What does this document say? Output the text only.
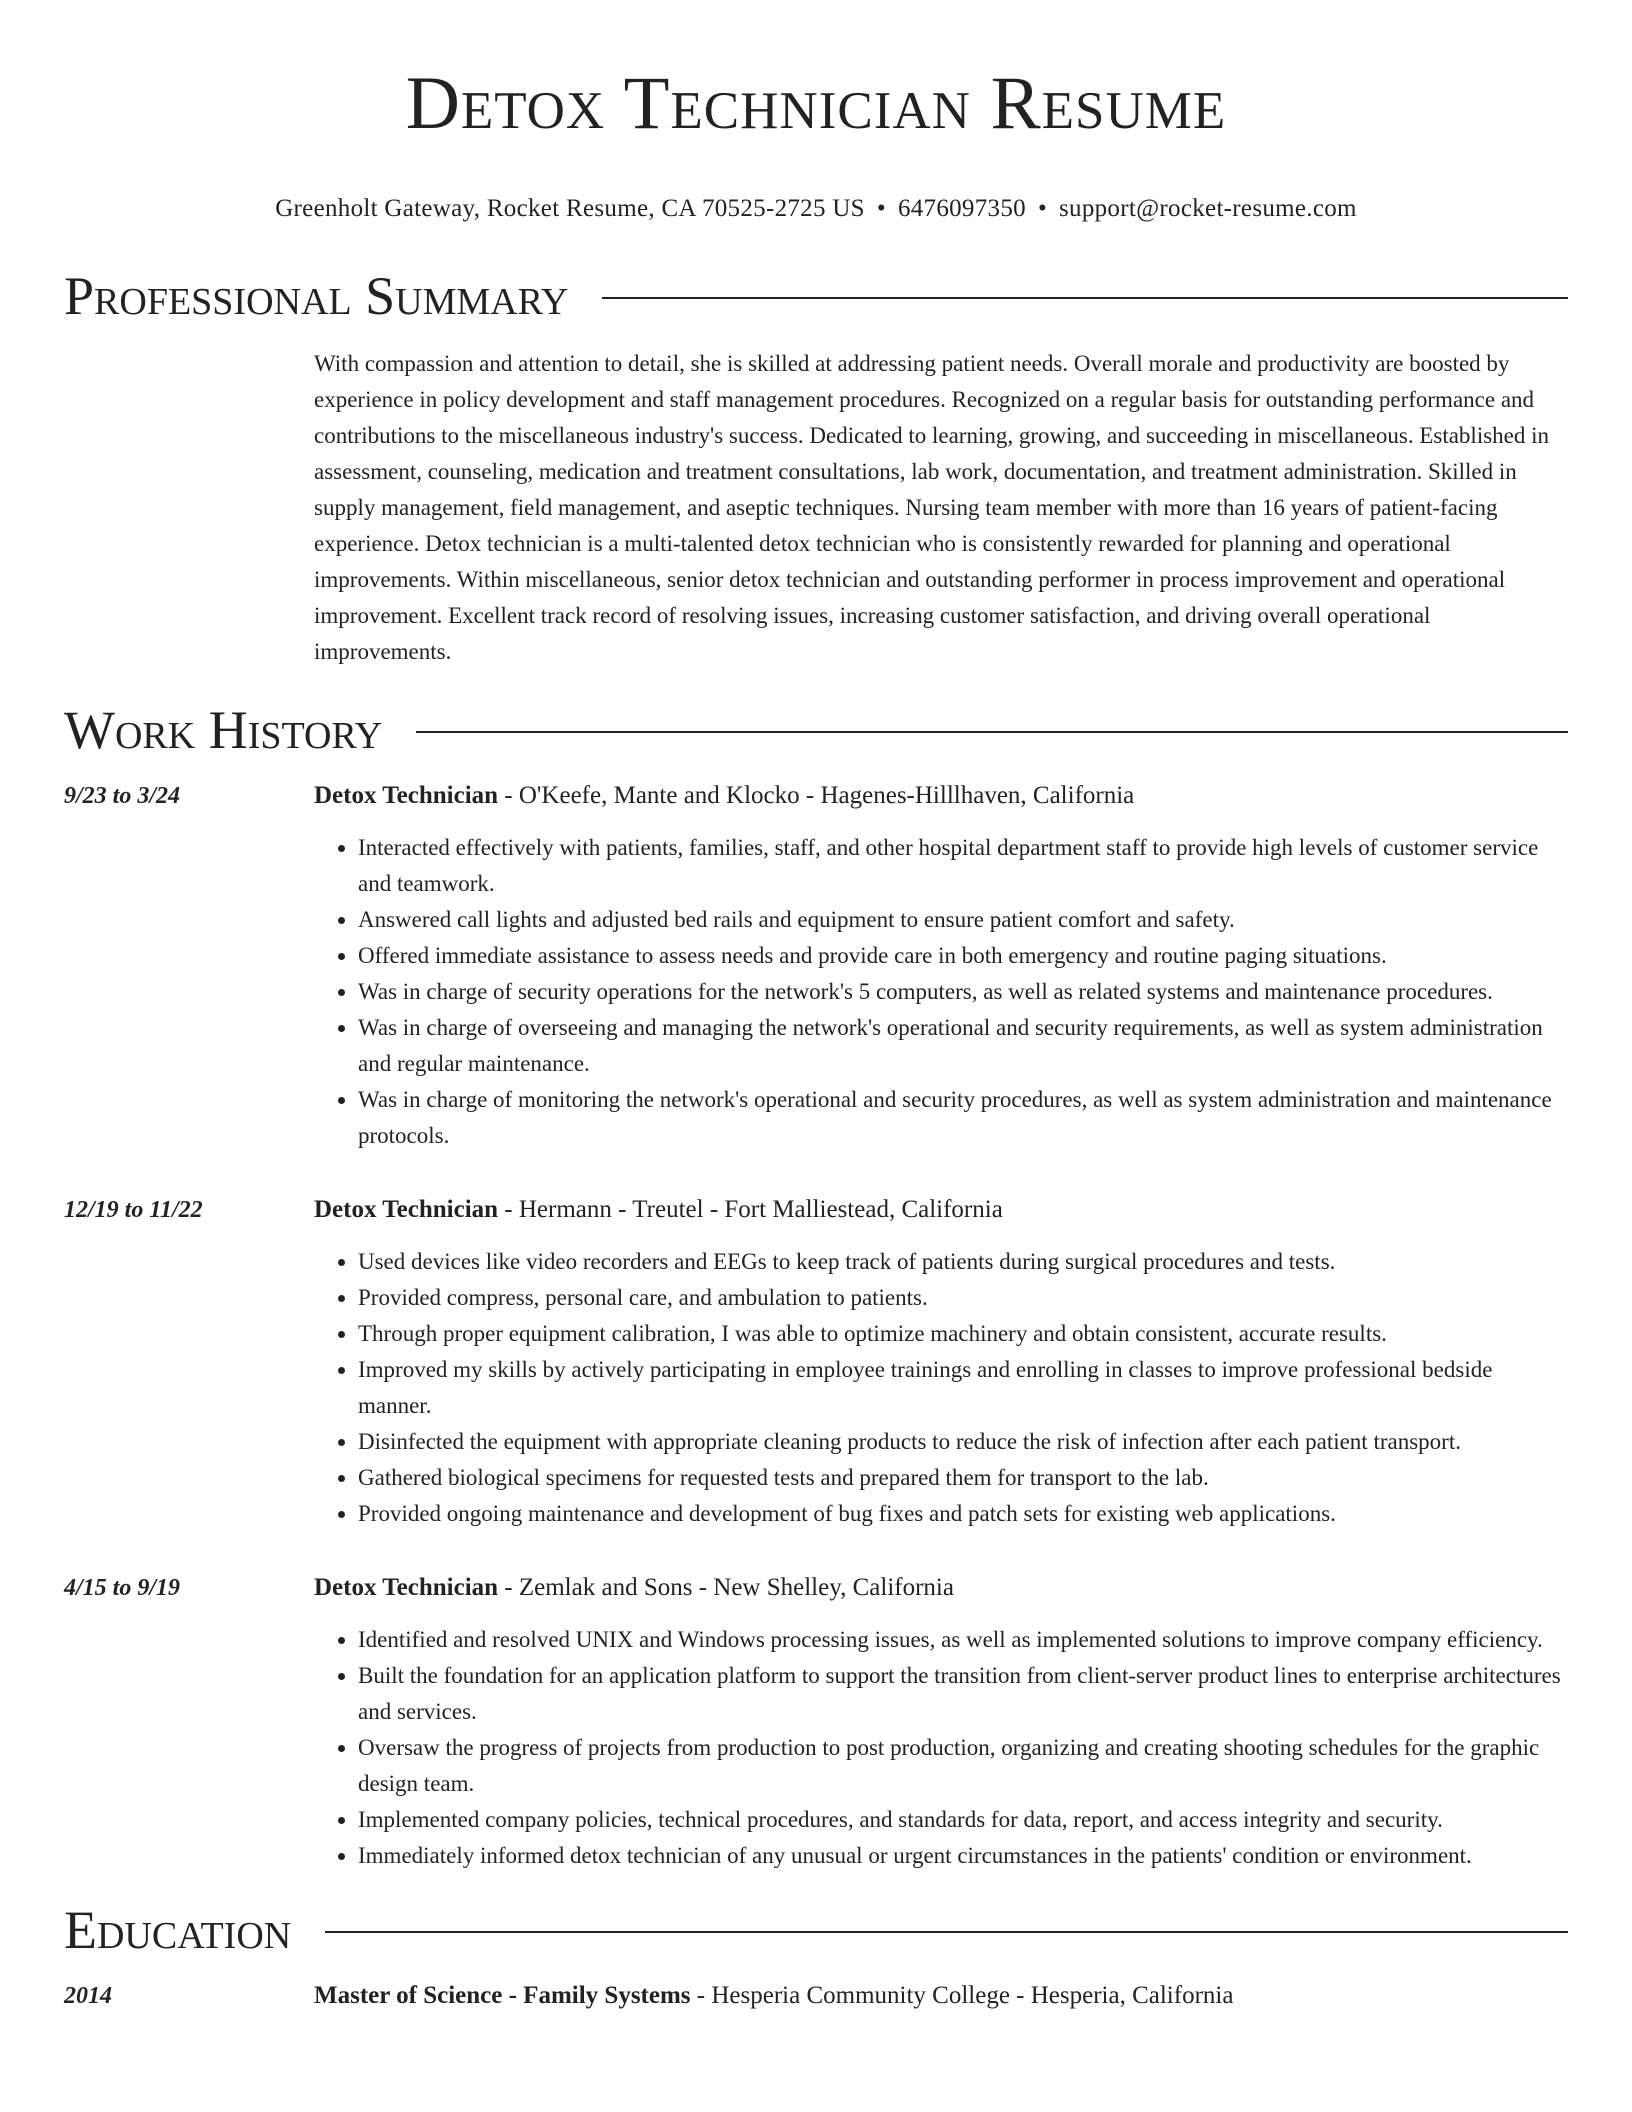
Detox Technician Resume
Greenholt Gateway, Rocket Resume, CA 70525-2725 US • 6476097350 • support@rocket-resume.com
Professional Summary
With compassion and attention to detail, she is skilled at addressing patient needs. Overall morale and productivity are boosted by experience in policy development and staff management procedures. Recognized on a regular basis for outstanding performance and contributions to the miscellaneous industry's success. Dedicated to learning, growing, and succeeding in miscellaneous. Established in assessment, counseling, medication and treatment consultations, lab work, documentation, and treatment administration. Skilled in supply management, field management, and aseptic techniques. Nursing team member with more than 16 years of patient-facing experience. Detox technician is a multi-talented detox technician who is consistently rewarded for planning and operational improvements. Within miscellaneous, senior detox technician and outstanding performer in process improvement and operational improvement. Excellent track record of resolving issues, increasing customer satisfaction, and driving overall operational improvements.
Work History
9/23 to 3/24	Detox Technician - O'Keefe, Mante and Klocko - Hagenes-Hilllhaven, California
• Interacted effectively with patients, families, staff, and other hospital department staff to provide high levels of customer service and teamwork.
• Answered call lights and adjusted bed rails and equipment to ensure patient comfort and safety.
• Offered immediate assistance to assess needs and provide care in both emergency and routine paging situations.
• Was in charge of security operations for the network's 5 computers, as well as related systems and maintenance procedures.
• Was in charge of overseeing and managing the network's operational and security requirements, as well as system administration and regular maintenance.
• Was in charge of monitoring the network's operational and security procedures, as well as system administration and maintenance protocols.
12/19 to 11/22	Detox Technician - Hermann - Treutel - Fort Malliestead, California
• Used devices like video recorders and EEGs to keep track of patients during surgical procedures and tests.
• Provided compress, personal care, and ambulation to patients.
• Through proper equipment calibration, I was able to optimize machinery and obtain consistent, accurate results.
• Improved my skills by actively participating in employee trainings and enrolling in classes to improve professional bedside manner.
• Disinfected the equipment with appropriate cleaning products to reduce the risk of infection after each patient transport.
• Gathered biological specimens for requested tests and prepared them for transport to the lab.
• Provided ongoing maintenance and development of bug fixes and patch sets for existing web applications.
4/15 to 9/19	Detox Technician - Zemlak and Sons - New Shelley, California
• Identified and resolved UNIX and Windows processing issues, as well as implemented solutions to improve company efficiency.
• Built the foundation for an application platform to support the transition from client-server product lines to enterprise architectures and services.
• Oversaw the progress of projects from production to post production, organizing and creating shooting schedules for the graphic design team.
• Implemented company policies, technical procedures, and standards for data, report, and access integrity and security.
• Immediately informed detox technician of any unusual or urgent circumstances in the patients' condition or environment.
Education
2014	Master of Science - Family Systems - Hesperia Community College - Hesperia, California
